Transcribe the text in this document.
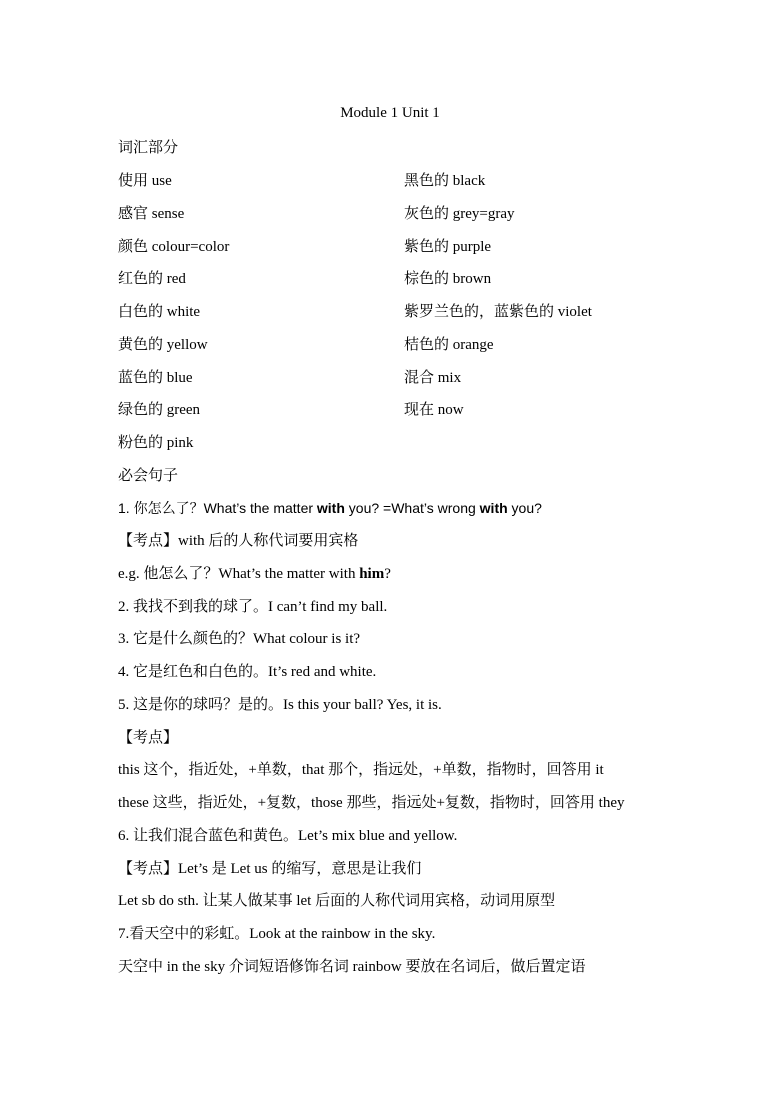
Module 1 Unit 1
词汇部分
使用 use	黑色的 black
感官 sense	灰色的 grey=gray
颜色 colour=color	紫色的 purple
红色的 red	棕色的 brown
白色的 white	紫罗兰色的，蓝紫色的 violet
黄色的 yellow	桔色的 orange
蓝色的 blue	混合 mix
绿色的 green	现在 now
粉色的 pink
必会句子
1. 你怎么了？What’s the matter with you? =What’s wrong with you?
【考点】with 后的人称代词要用宾格
e.g. 他怎么了？What’s the matter with him?
2. 我找不到我的球了。I can’t find my ball.
3. 它是什么颜色的？What colour is it?
4. 它是红色和白色的。It’s red and white.
5. 这是你的球吗？是的。Is this your ball? Yes, it is.
【考点】
this 这个，指近处，+单数，that 那个，指远处，+单数，指物时，回答用 it
these 这些，指近处，+复数，those 那些，指远处+复数，指物时，回答用 they
6. 让我们混合蓝色和黄色。Let’s mix blue and yellow.
【考点】Let’s 是 Let us 的缩写，意思是让我们
Let sb do sth. 让某人做某事 let 后面的人称代词用宾格，动词用原型
7.看天空中的彩虹。Look at the rainbow in the sky.
天空中 in the sky 介词短语修饰名词 rainbow 要放在名词后，做后置定语
